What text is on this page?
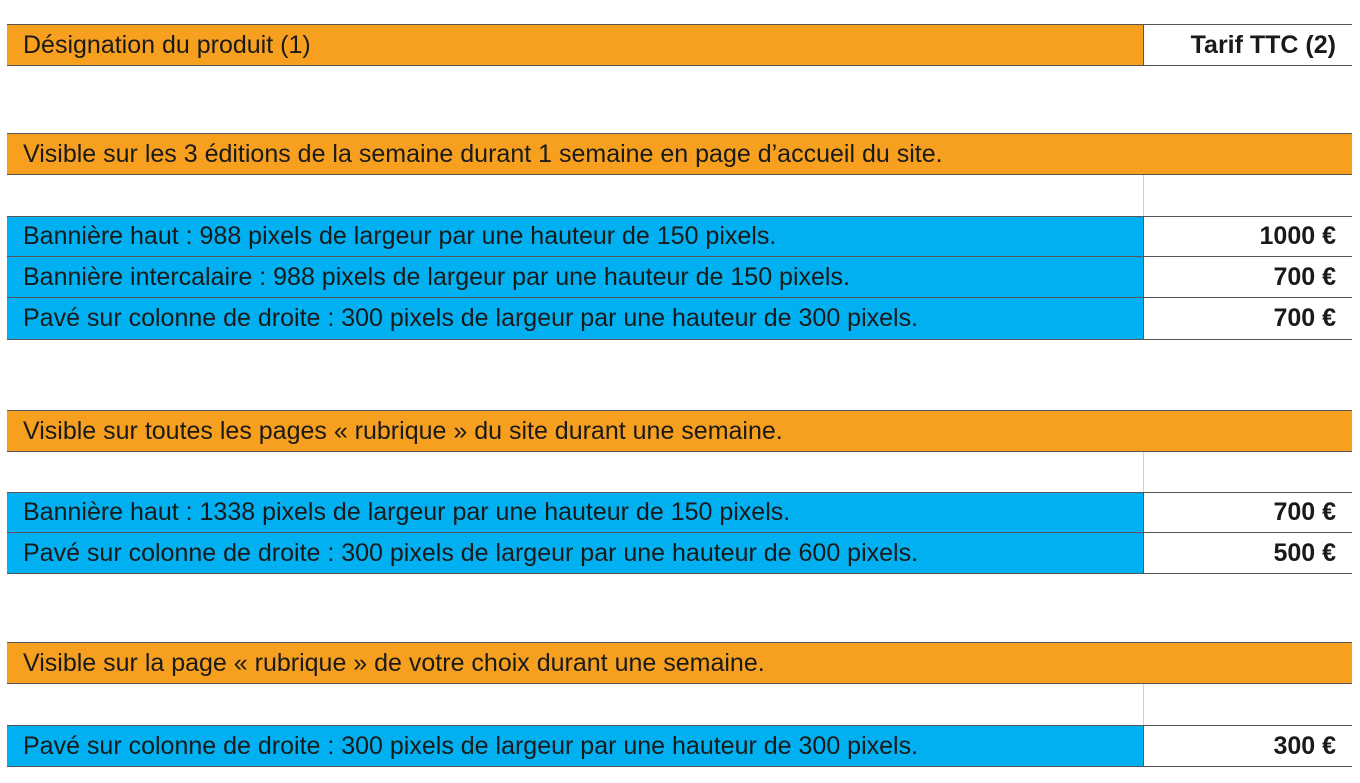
Désignation du produit (1)	Tarif TTC (2)
Visible sur les 3 éditions de la semaine durant 1 semaine en page d’accueil du site.
Bannière haut : 988 pixels de largeur par une hauteur de 150 pixels.	1000 €
Bannière intercalaire : 988 pixels de largeur par une hauteur de 150 pixels.	700 €
Pavé sur colonne de droite : 300 pixels de largeur par une hauteur de 300 pixels.	700 €
Visible sur toutes les pages « rubrique » du site durant une semaine.
Bannière haut : 1338 pixels de largeur par une hauteur de 150 pixels.	700 €
Pavé sur colonne de droite : 300 pixels de largeur par une hauteur de 600 pixels.	500 €
Visible sur la page « rubrique » de votre choix durant une semaine.
Pavé sur colonne de droite : 300 pixels de largeur par une hauteur de 300 pixels.	300 €
